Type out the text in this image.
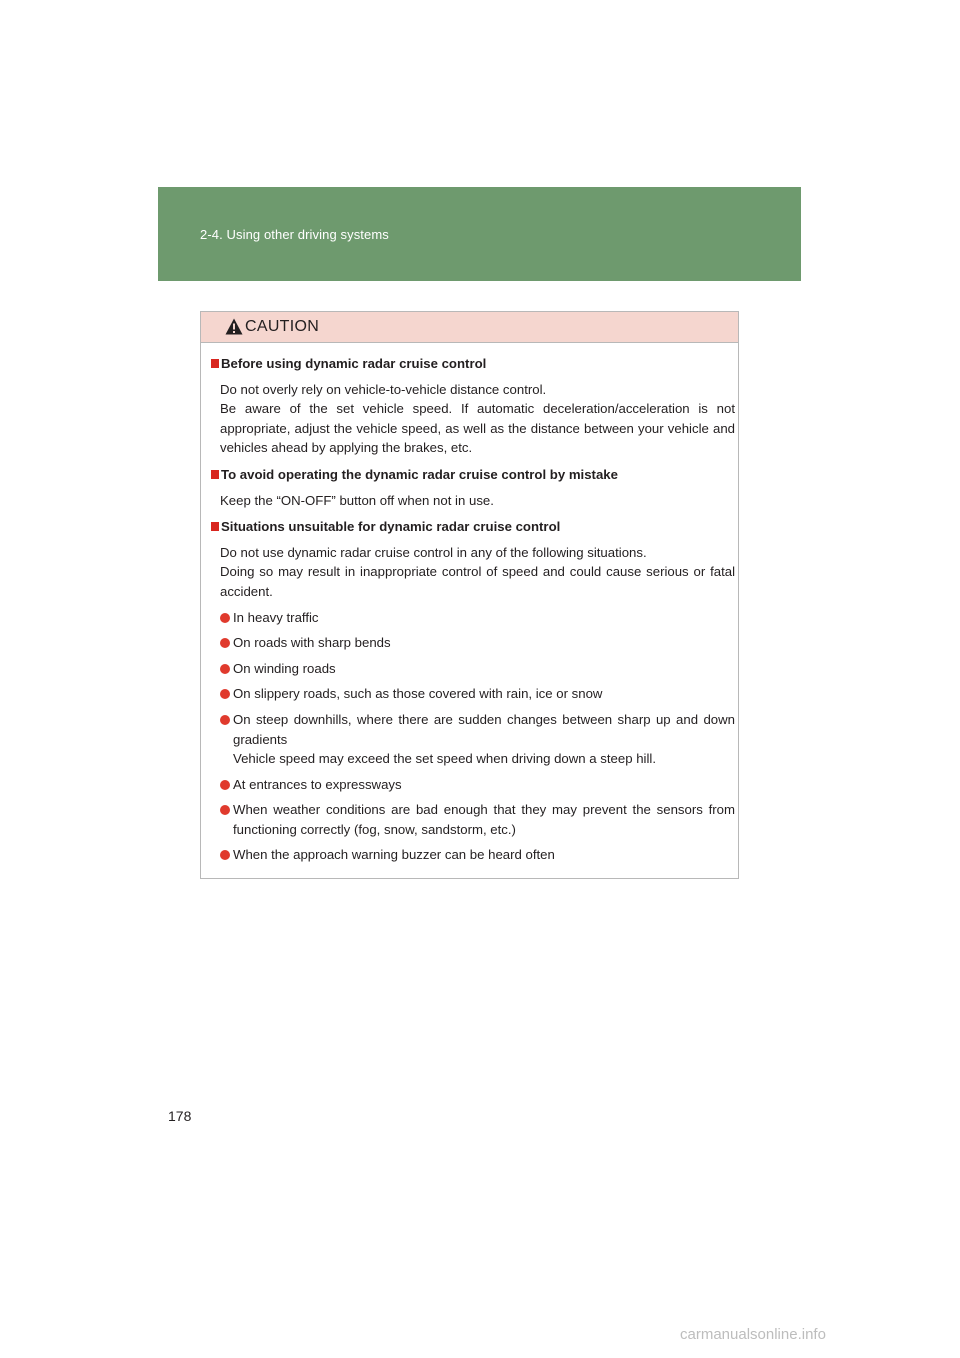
2-4. Using other driving systems
CAUTION
Before using dynamic radar cruise control
Do not overly rely on vehicle-to-vehicle distance control.
Be aware of the set vehicle speed. If automatic deceleration/acceleration is not appropriate, adjust the vehicle speed, as well as the distance between your vehicle and vehicles ahead by applying the brakes, etc.
To avoid operating the dynamic radar cruise control by mistake
Keep the “ON-OFF” button off when not in use.
Situations unsuitable for dynamic radar cruise control
Do not use dynamic radar cruise control in any of the following situations.
Doing so may result in inappropriate control of speed and could cause serious or fatal accident.
In heavy traffic
On roads with sharp bends
On winding roads
On slippery roads, such as those covered with rain, ice or snow
On steep downhills, where there are sudden changes between sharp up and down gradients
Vehicle speed may exceed the set speed when driving down a steep hill.
At entrances to expressways
When weather conditions are bad enough that they may prevent the sensors from functioning correctly (fog, snow, sandstorm, etc.)
When the approach warning buzzer can be heard often
178
carmanualsonline.info
